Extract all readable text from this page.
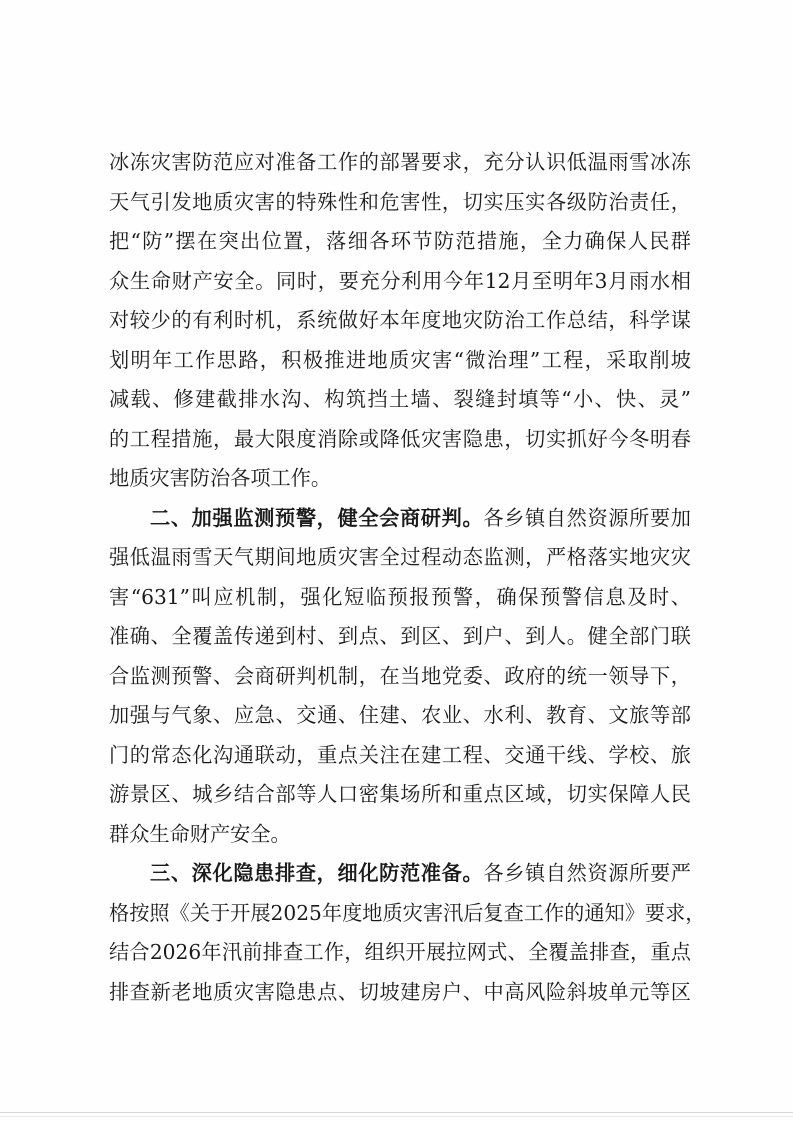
冰冻灾害防范应对准备工作的部署要求，充分认识低温雨雪冰冻
天气引发地质灾害的特殊性和危害性，切实压实各级防治责任，
把“防”摆在突出位置，落细各环节防范措施，全力确保人民群
众生命财产安全。同时，要充分利用今年12月至明年3月雨水相
对较少的有利时机，系统做好本年度地灾防治工作总结，科学谋
划明年工作思路，积极推进地质灾害“微治理”工程，采取削坡
减载、修建截排水沟、构筑挡土墙、裂缝封填等“小、快、灵”
的工程措施，最大限度消除或降低灾害隐患，切实抓好今冬明春
地质灾害防治各项工作。
二、加强监测预警，健全会商研判。各乡镇自然资源所要加
强低温雨雪天气期间地质灾害全过程动态监测，严格落实地灾灾
害“631”叫应机制，强化短临预报预警，确保预警信息及时、
准确、全覆盖传递到村、到点、到区、到户、到人。健全部门联
合监测预警、会商研判机制，在当地党委、政府的统一领导下，
加强与气象、应急、交通、住建、农业、水利、教育、文旅等部
门的常态化沟通联动，重点关注在建工程、交通干线、学校、旅
游景区、城乡结合部等人口密集场所和重点区域，切实保障人民
群众生命财产安全。
三、深化隐患排查，细化防范准备。各乡镇自然资源所要严
格按照《关于开展2025年度地质灾害汛后复查工作的通知》要求，
结合2026年汛前排查工作，组织开展拉网式、全覆盖排查，重点
排查新老地质灾害隐患点、切坡建房户、中高风险斜坡单元等区
